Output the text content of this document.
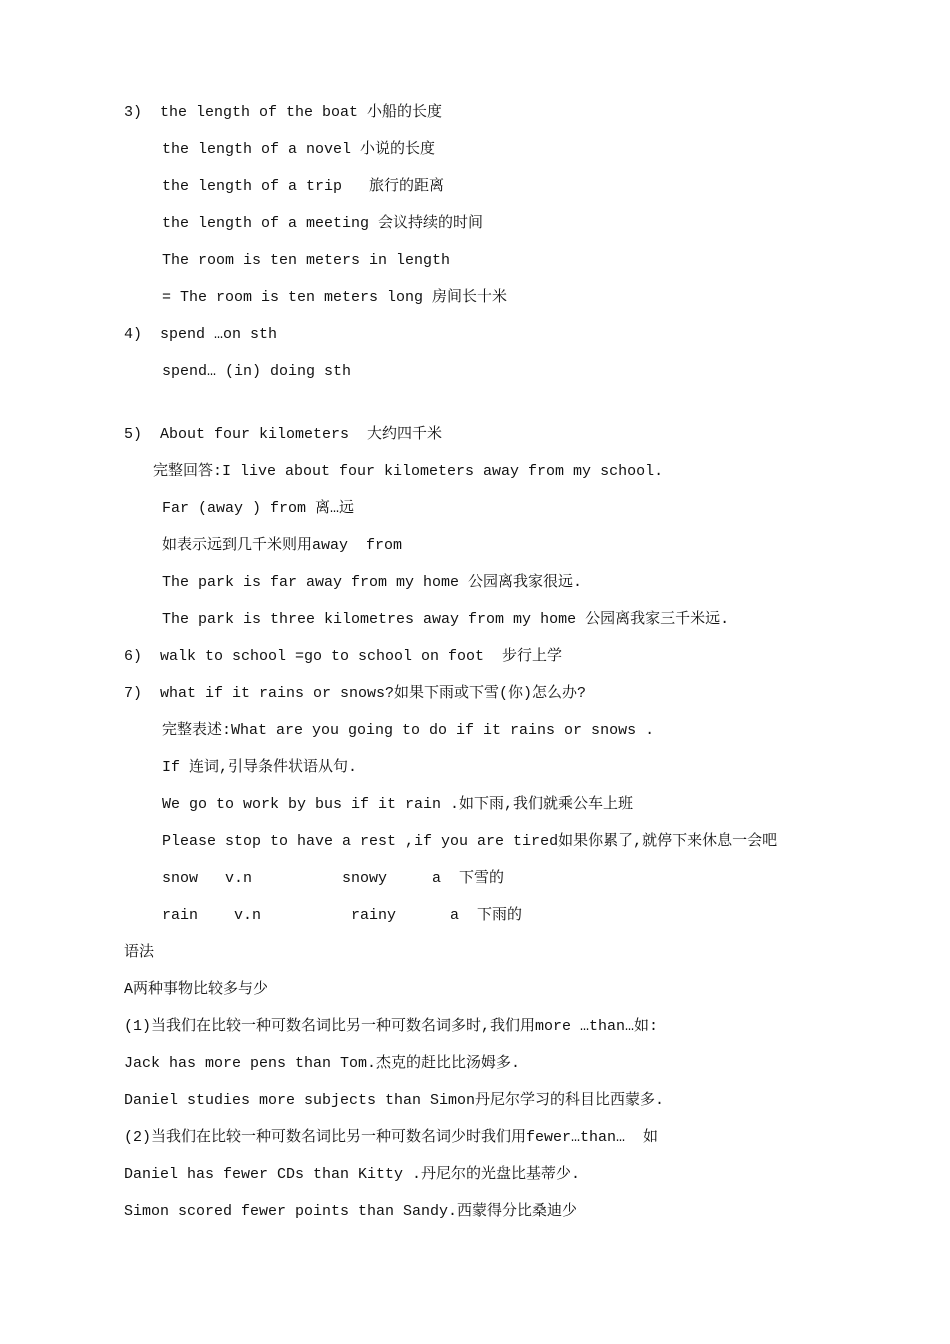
3)  the length of the boat 小船的长度
the length of a novel 小说的长度
the length of a trip   旅行的距离
the length of a meeting 会议持续的时间
The room is ten meters in length
= The room is ten meters long 房间长十米
4)  spend …on sth
spend… (in) doing sth
5)  About four kilometers  大约四千米
完整回答:I live about four kilometers away from my school.
Far (away ) from 离…远
如表示远到几千米则用away  from
The park is far away from my home 公园离我家很远.
The park is three kilometres away from my home 公园离我家三千米远.
6)  walk to school =go to school on foot  步行上学
7)  what if it rains or snows?如果下雨或下雪(你)怎么办?
完整表述:What are you going to do if it rains or snows .
If 连词,引导条件状语从句.
We go to work by bus if it rain .如下雨,我们就乘公车上班
Please stop to have a rest ,if you are tired如果你累了,就停下来休息一会吧
snow   v.n          snowy     a  下雪的
rain    v.n          rainy      a  下雨的
语法
A两种事物比较多与少
(1)当我们在比较一种可数名词比另一种可数名词多时,我们用more …than…如:
Jack has more pens than Tom.杰克的赶比比汤姆多.
Daniel studies more subjects than Simon丹尼尔学习的科目比西蒙多.
(2)当我们在比较一种可数名词比另一种可数名词少时我们用fewer…than…  如
Daniel has fewer CDs than Kitty .丹尼尔的光盘比基蒂少.
Simon scored fewer points than Sandy.西蒙得分比桑迪少
